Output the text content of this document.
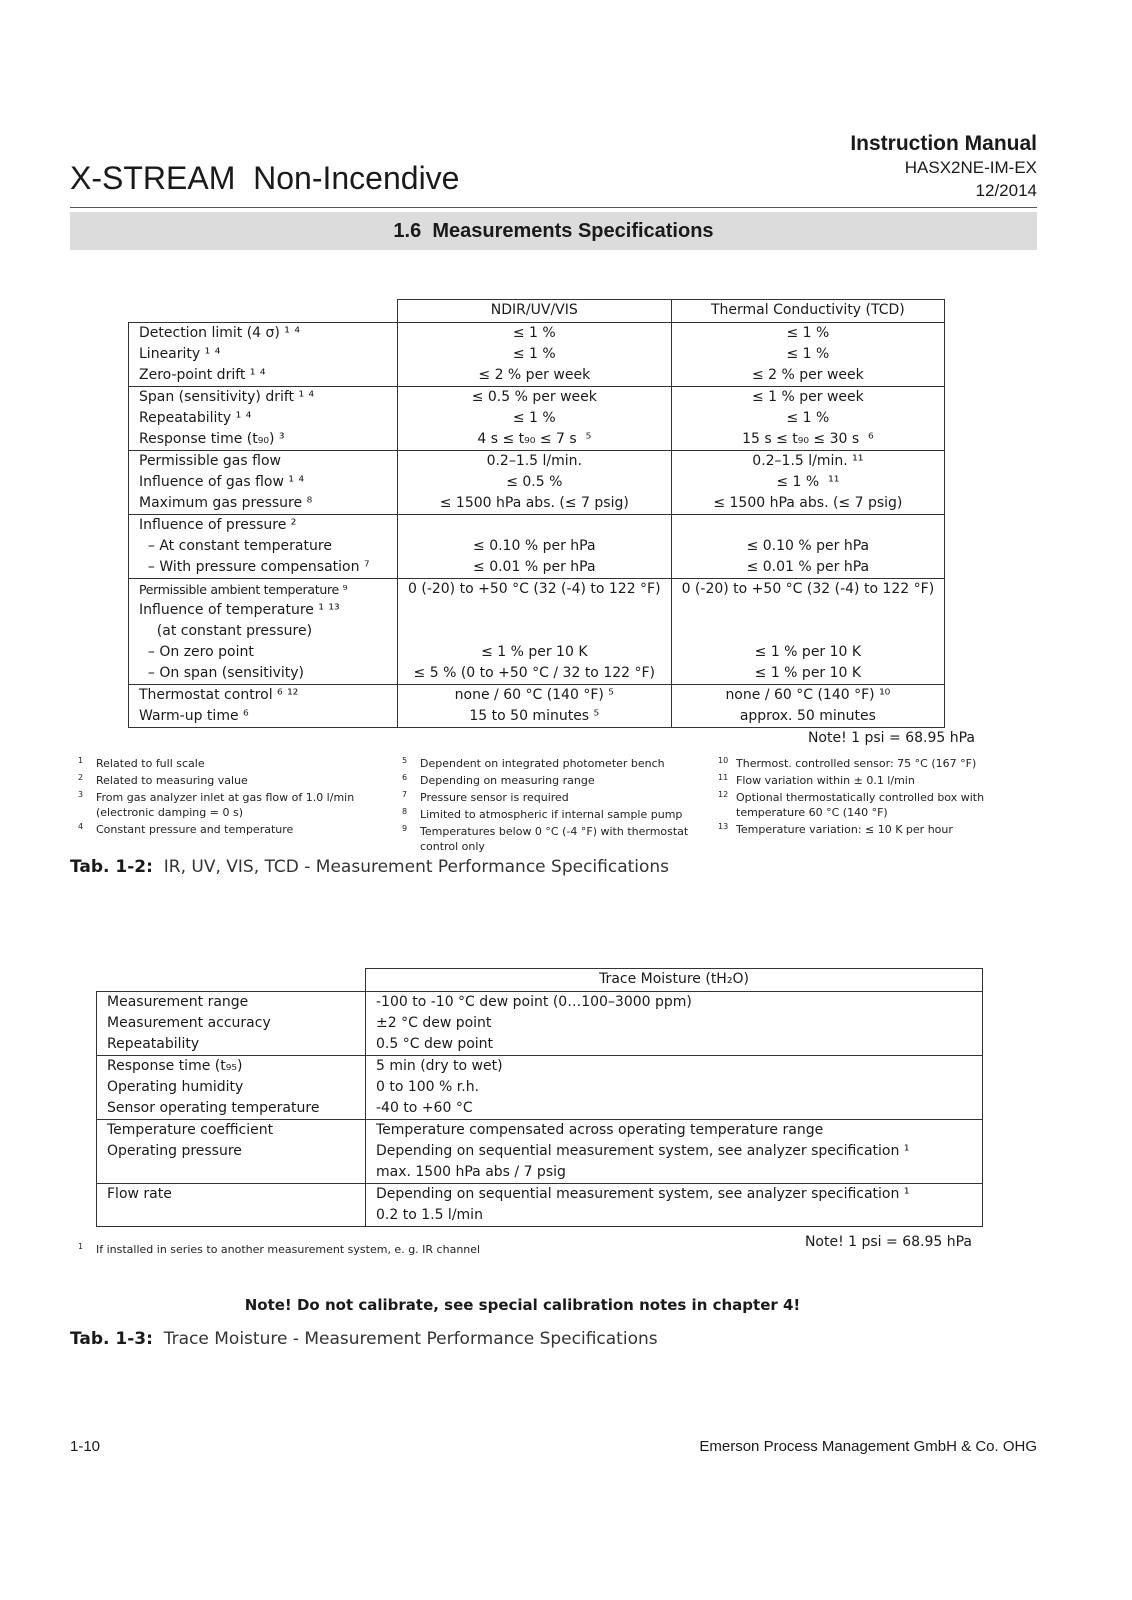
X-STREAM  Non-Incendive
Instruction Manual
HASX2NE-IM-EX
12/2014
1.6  Measurements Specifications
	NDIR/UV/VIS	Thermal Conductivity (TCD)
Detection limit (4 σ) ¹ ⁴	≤ 1 %	≤ 1 %
Linearity ¹ ⁴	≤ 1 %	≤ 1 %
Zero-point drift ¹ ⁴	≤ 2 % per week	≤ 2 % per week
Span (sensitivity) drift ¹ ⁴	≤ 0.5 % per week	≤ 1 % per week
Repeatability ¹ ⁴	≤ 1 %	≤ 1 %
Response time (t₉₀) ³	4 s ≤ t₉₀ ≤ 7 s  ⁵	15 s ≤ t₉₀ ≤ 30 s  ⁶
Permissible gas flow	0.2–1.5 l/min.	0.2–1.5 l/min. ¹¹
Influence of gas flow ¹ ⁴	≤ 0.5 %	≤ 1 %  ¹¹
Maximum gas pressure ⁸	≤ 1500 hPa abs. (≤ 7 psig)	≤ 1500 hPa abs. (≤ 7 psig)
Influence of pressure ²		
– At constant temperature	≤ 0.10 % per hPa	≤ 0.10 % per hPa
– With pressure compensation ⁷	≤ 0.01 % per hPa	≤ 0.01 % per hPa
Permissible ambient temperature ⁹	0 (-20) to +50 °C (32 (-4) to 122 °F)	0 (-20) to +50 °C (32 (-4) to 122 °F)
Influence of temperature ¹ ¹³		
(at constant pressure)		
– On zero point	≤ 1 % per 10 K	≤ 1 % per 10 K
– On span (sensitivity)	≤ 5 % (0 to +50 °C / 32 to 122 °F)	≤ 1 % per 10 K
Thermostat control ⁶ ¹²	none / 60 °C (140 °F) ⁵	none / 60 °C (140 °F) ¹⁰
Warm-up time ⁶	15 to 50 minutes ⁵	approx. 50 minutes
Note! 1 psi = 68.95 hPa
1 Related to full scale
2 Related to measuring value
3 From gas analyzer inlet at gas flow of 1.0 l/min (electronic damping = 0 s)
4 Constant pressure and temperature
5 Dependent on integrated photometer bench
6 Depending on measuring range
7 Pressure sensor is required
8 Limited to atmospheric if internal sample pump
9 Temperatures below 0 °C (-4 °F) with thermostat control only
10 Thermost. controlled sensor: 75 °C (167 °F)
11 Flow variation within ± 0.1 l/min
12 Optional thermostatically controlled box with temperature 60 °C (140 °F)
13 Temperature variation: ≤ 10 K per hour
Tab. 1-2: IR, UV, VIS, TCD - Measurement Performance Specifications
	Trace Moisture (tH₂O)
Measurement range	-100 to -10 °C dew point (0…100–3000 ppm)
Measurement accuracy	±2 °C dew point
Repeatability	0.5 °C dew point
Response time (t₉₅)	5 min (dry to wet)
Operating humidity	0 to 100 % r.h.
Sensor operating temperature	-40 to +60 °C
Temperature coefficient	Temperature compensated across operating temperature range
Operating pressure	Depending on sequential measurement system, see analyzer specification ¹
	max. 1500 hPa abs / 7 psig
Flow rate	Depending on sequential measurement system, see analyzer specification ¹
	0.2 to 1.5 l/min
Note! 1 psi = 68.95 hPa
1 If installed in series to another measurement system, e. g. IR channel
Note! Do not calibrate, see special calibration notes in chapter 4!
Tab. 1-3: Trace Moisture - Measurement Performance Specifications
1-10	Emerson Process Management GmbH & Co. OHG
